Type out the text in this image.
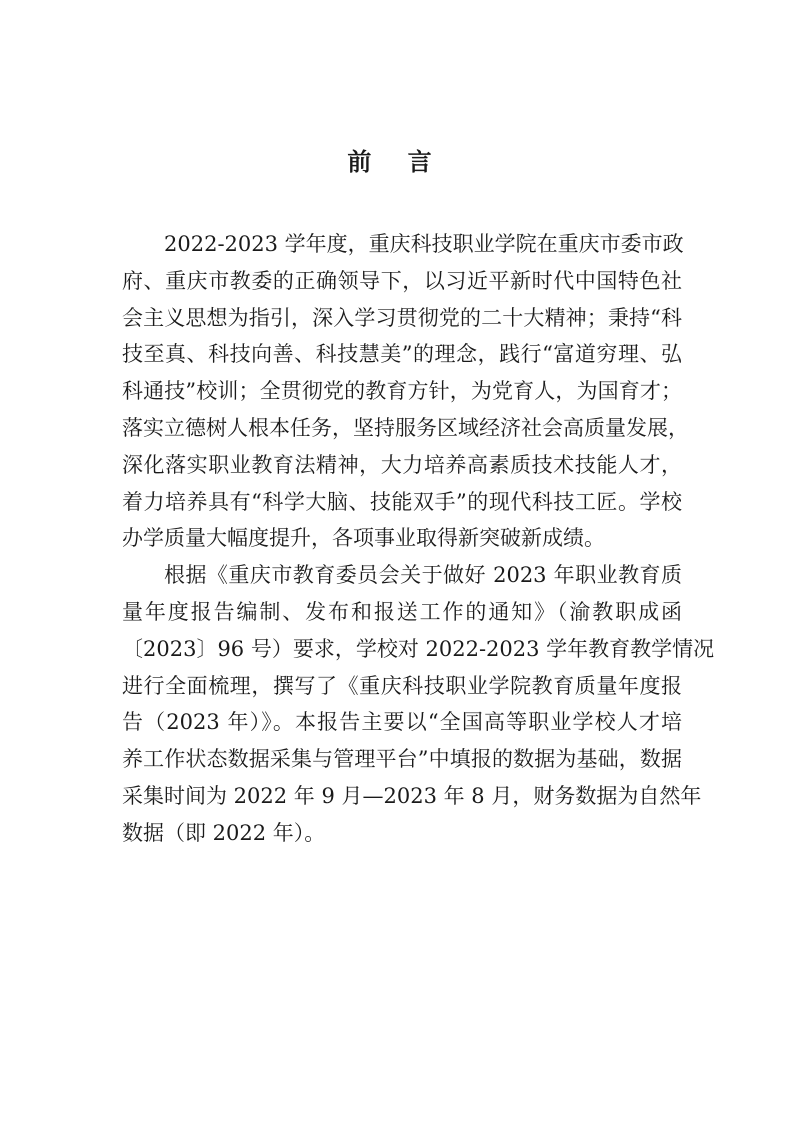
前 言
2022-2023 学年度，重庆科技职业学院在重庆市委市政
府、重庆市教委的正确领导下，以习近平新时代中国特色社
会主义思想为指引，深入学习贯彻党的二十大精神；秉持“科
技至真、科技向善、科技慧美”的理念，践行“富道穷理、弘
科通技”校训；全贯彻党的教育方针，为党育人，为国育才；
落实立德树人根本任务，坚持服务区域经济社会高质量发展，
深化落实职业教育法精神，大力培养高素质技术技能人才，
着力培养具有“科学大脑、技能双手”的现代科技工匠。学校
办学质量大幅度提升，各项事业取得新突破新成绩。
根据《重庆市教育委员会关于做好 2023 年职业教育质
量年度报告编制、发布和报送工作的通知》（渝教职成函
〔2023〕96 号）要求，学校对 2022-2023 学年教育教学情况
进行全面梳理，撰写了《重庆科技职业学院教育质量年度报
告（2023 年）》。本报告主要以“全国高等职业学校人才培
养工作状态数据采集与管理平台”中填报的数据为基础，数据
采集时间为 2022 年 9 月—2023 年 8 月，财务数据为自然年
数据（即 2022 年）。
